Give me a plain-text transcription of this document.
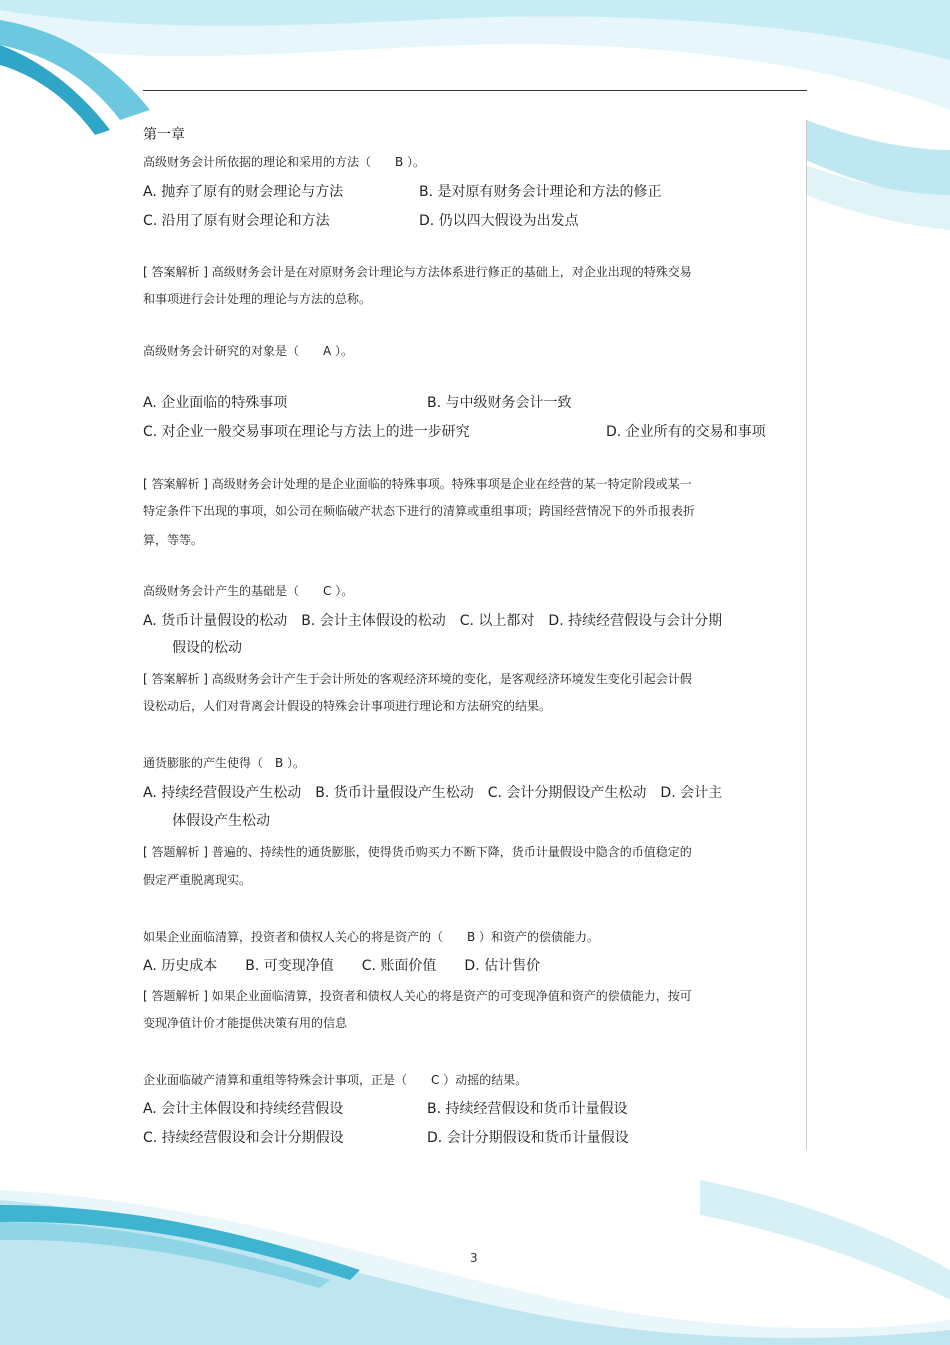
第一章
高级财务会计所依据的理论和采用的方法（　　B ）。
A. 抛弃了原有的财会理论与方法	B. 是对原有财务会计理论和方法的修正
C. 沿用了原有财会理论和方法	D. 仍以四大假设为出发点
[ 答案解析 ] 高级财务会计是在对原财务会计理论与方法体系进行修正的基础上，对企业出现的特殊交易
和事项进行会计处理的理论与方法的总称。
高级财务会计研究的对象是（　　A ）。
A. 企业面临的特殊事项	B. 与中级财务会计一致
C. 对企业一般交易事项在理论与方法上的进一步研究	D. 企业所有的交易和事项
[ 答案解析 ] 高级财务会计处理的是企业面临的特殊事项。特殊事项是企业在经营的某一特定阶段或某一
特定条件下出现的事项，如公司在频临破产状态下进行的清算或重组事项；跨国经营情况下的外币报表折
算，等等。
高级财务会计产生的基础是（　　C ）。
A. 货币计量假设的松动　B. 会计主体假设的松动　C. 以上都对　D. 持续经营假设与会计分期
假设的松动
[ 答案解析 ] 高级财务会计产生于会计所处的客观经济环境的变化，是客观经济环境发生变化引起会计假
设松动后，人们对背离会计假设的特殊会计事项进行理论和方法研究的结果。
通货膨胀的产生使得（　B ）。
A. 持续经营假设产生松动　B. 货币计量假设产生松动　C. 会计分期假设产生松动　D. 会计主
体假设产生松动
[ 答题解析 ] 普遍的、持续性的通货膨胀，使得货币购买力不断下降，货币计量假设中隐含的币值稳定的
假定严重脱离现实。
如果企业面临清算，投资者和债权人关心的将是资产的（　　B ）和资产的偿债能力。
A. 历史成本　　B. 可变现净值　　C. 账面价值　　D. 估计售价
[ 答题解析 ] 如果企业面临清算，投资者和债权人关心的将是资产的可变现净值和资产的偿债能力，按可
变现净值计价才能提供决策有用的信息
企业面临破产清算和重组等特殊会计事项，正是（　　C ）动摇的结果。
A. 会计主体假设和持续经营假设	B. 持续经营假设和货币计量假设
C. 持续经营假设和会计分期假设	D. 会计分期假设和货币计量假设
3
